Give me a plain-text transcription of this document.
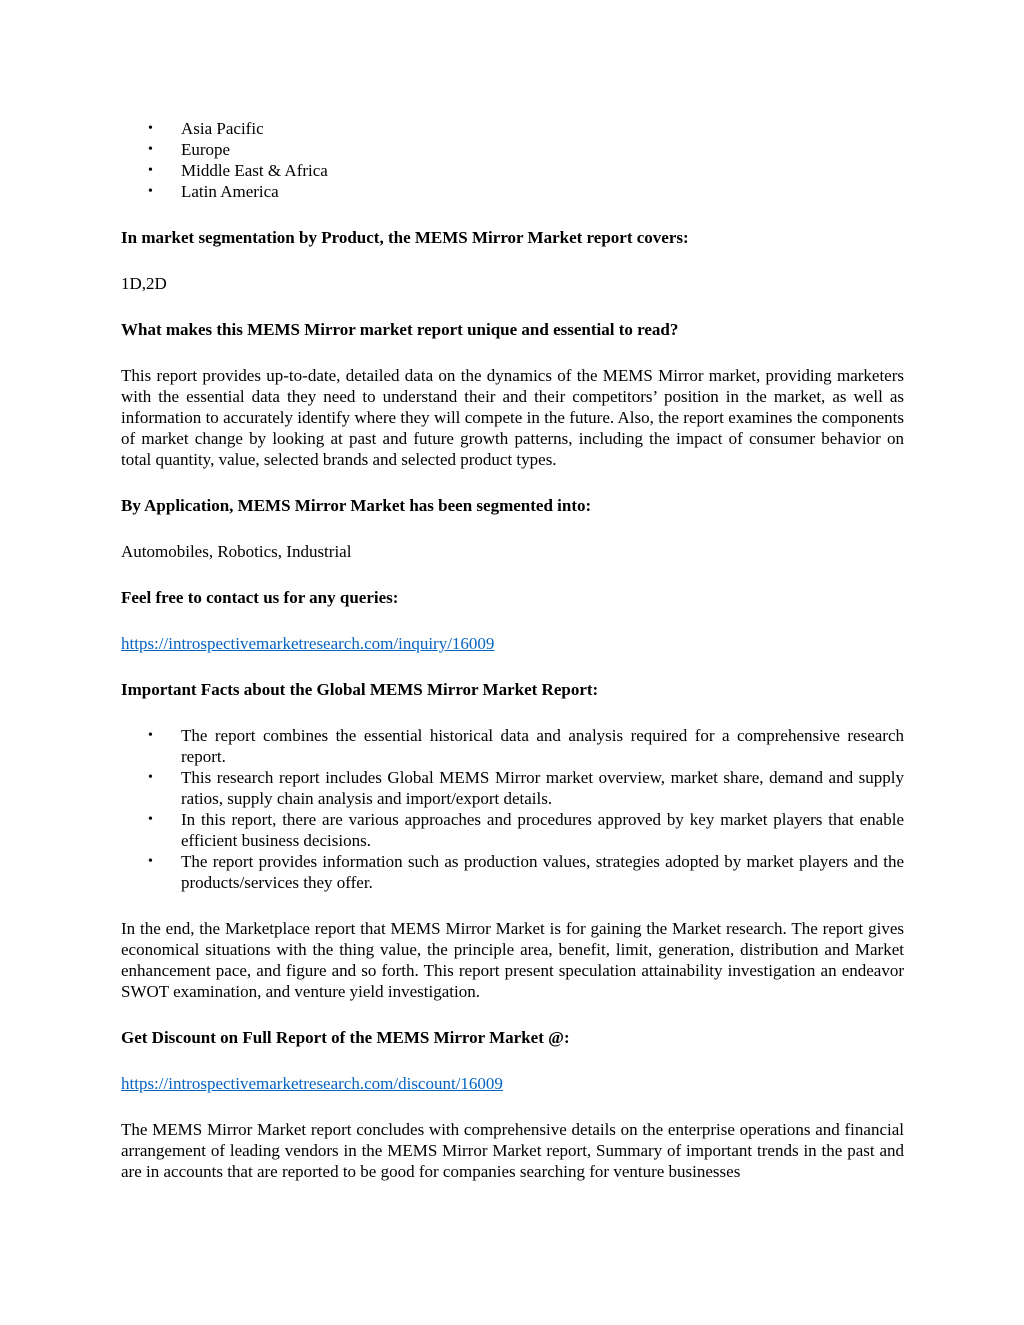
• Asia Pacific
• Europe
• Middle East & Africa
• Latin America

In market segmentation by Product, the MEMS Mirror Market report covers:

1D,2D

What makes this MEMS Mirror market report unique and essential to read?

This report provides up-to-date, detailed data on the dynamics of the MEMS Mirror market, providing marketers with the essential data they need to understand their and their competitors’ position in the market, as well as information to accurately identify where they will compete in the future. Also, the report examines the components of market change by looking at past and future growth patterns, including the impact of consumer behavior on total quantity, value, selected brands and selected product types.

By Application, MEMS Mirror Market has been segmented into:

Automobiles, Robotics, Industrial

Feel free to contact us for any queries:

https://introspectivemarketresearch.com/inquiry/16009

Important Facts about the Global MEMS Mirror Market Report:

• The report combines the essential historical data and analysis required for a comprehensive research report.
• This research report includes Global MEMS Mirror market overview, market share, demand and supply ratios, supply chain analysis and import/export details.
• In this report, there are various approaches and procedures approved by key market players that enable efficient business decisions.
• The report provides information such as production values, strategies adopted by market players and the products/services they offer.

In the end, the Marketplace report that MEMS Mirror Market is for gaining the Market research. The report gives economical situations with the thing value, the principle area, benefit, limit, generation, distribution and Market enhancement pace, and figure and so forth. This report present speculation attainability investigation an endeavor SWOT examination, and venture yield investigation.

Get Discount on Full Report of the MEMS Mirror Market @:

https://introspectivemarketresearch.com/discount/16009

The MEMS Mirror Market report concludes with comprehensive details on the enterprise operations and financial arrangement of leading vendors in the MEMS Mirror Market report, Summary of important trends in the past and are in accounts that are reported to be good for companies searching for venture businesses
